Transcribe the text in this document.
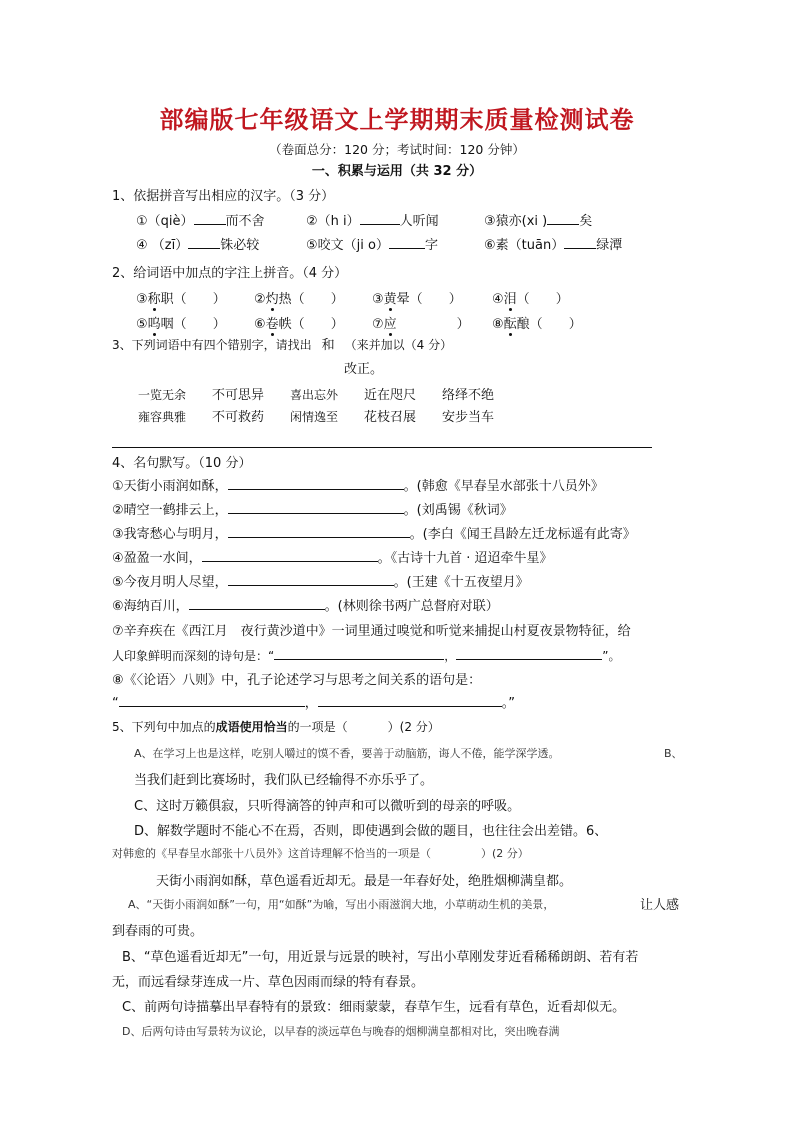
部编版七年级语文上学期期末质量检测试卷
（卷面总分：120 分；考试时间：120 分钟）
一、积累与运用（共 32 分）
1、依据拼音写出相应的汉字。（3 分）
①（qiè） 而不舍	②（h i）	人听闻	③猿亦(xi ) 矣
④ （zī） 铢必较	⑤咬文（ji o）	字	⑥素（tuān） 绿潭
2、给词语中加点的字注上拼音。（4 分）
③称职（ ） ②灼热（ ） ③黄晕（ ） ④泪（ ）
⑤呜咽（ ） ⑥卷帙（ ） ⑦应	） ⑧酝酿（ ）
3、下列词语中有四个错别字，请找出 和 （来并加以（4 分）
改正。
一览无余 不可思异 喜出忘外 近在咫尺 络绎不绝
雍容典雅 不可救药 闲情逸至 花枝召展 安步当车
4、名句默写。（10 分）
①天街小雨润如酥，	。(韩愈《早春呈水部张十八员外》
②晴空一鹤排云上，	。(刘禹锡《秋词》
③我寄愁心与明月，	。(李白《闻王昌龄左迁龙标遥有此寄》
④盈盈一水间，	。《古诗十九首 · 迢迢牵牛星》
⑤今夜月明人尽望，	。(王建《十五夜望月》
⑥海纳百川，	。(林则徐书两广总督府对联）
⑦辛弃疾在《西江月　夜行黄沙道中》一词里通过嗅觉和听觉来捕捉山村夏夜景物特征，给
人印象鲜明而深刻的诗句是：“	，	”。
⑧《〈论语〉八则》中，孔子论述学习与思考之间关系的语句是：
“	，	。”
5、下列句中加点的成语使用恰当的一项是（	）(2 分）
A、在学习上也是这样，吃别人嚼过的馍不香，要善于动脑筋，诲人不倦，能学深学透。	B、
当我们赶到比赛场时，我们队已经输得不亦乐乎了。
C、这时万籁俱寂，只听得滴答的钟声和可以微听到的母亲的呼吸。
D、解数学题时不能心不在焉，否则，即使遇到会做的题目，也往往会出差错。6、
对韩愈的《早春呈水部张十八员外》这首诗理解不恰当的一项是（	）(2 分）
天街小雨润如酥，草色遥看近却无。最是一年春好处，绝胜烟柳满皇都。
A、“天街小雨润如酥”一句，用“如酥”为喻，写出小雨滋润大地，小草萌动生机的美景，	让人感
到春雨的可贵。
B、“草色遥看近却无”一句，用近景与远景的映衬，写出小草刚发芽近看稀稀朗朗、若有若
无，而远看绿芽连成一片、草色因雨而绿的特有春景。
C、前两句诗描摹出早春特有的景致：细雨蒙蒙，春草乍生，远看有草色，近看却似无。
D、后两句诗由写景转为议论，以早春的淡远草色与晚春的烟柳满皇都相对比，突出晚春满
